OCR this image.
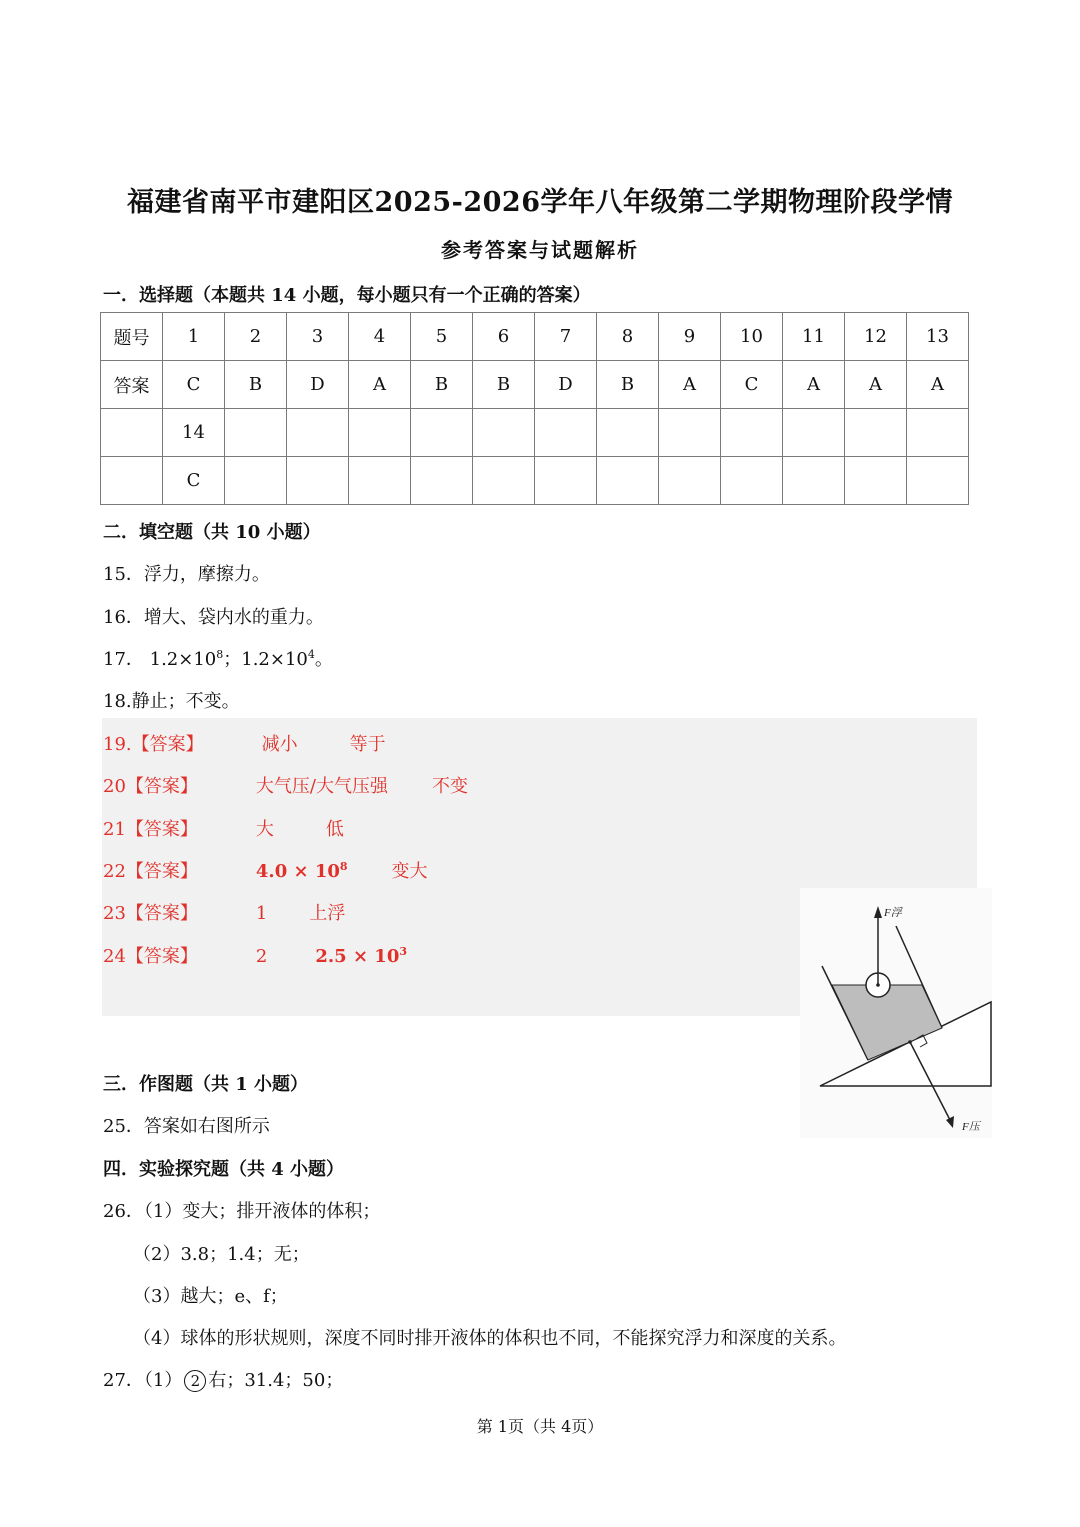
福建省南平市建阳区2025-2026学年八年级第二学期物理阶段学情
参考答案与试题解析
一．选择题（本题共 14 小题，每小题只有一个正确的答案）
题号	1	2	3	4	5	6	7	8	9	10	11	12	13
答案	C	B	D	A	B	B	D	B	A	C	A	A	A
	14												
	C												
二．填空题（共 10 小题）
15．浮力，摩擦力。
16．增大、袋内水的重力。
17． $1.2\times 10^8$；$1.2\times 10^4$。
18.静止；不变。
19.【答案】	减小	等于
20【答案】	大气压/大气压强 不变
21【答案】	大	低
22【答案】	$4.0 \times 10^8$ 变大
23【答案】	1 上浮
24【答案】	2	$2.5 \times 10^3$
F浮
F压
三．作图题（共 1 小题）
25．答案如右图所示
四．实验探究题（共 4 小题）
26．（1）变大；排开液体的体积；
（2）3.8；1.4；无；
（3）越大；e、f；
（4）球体的形状规则，深度不同时排开液体的体积也不同，不能探究浮力和深度的关系。
27．（1） 2 右；31.4；50；
第 1页（共 4页）
